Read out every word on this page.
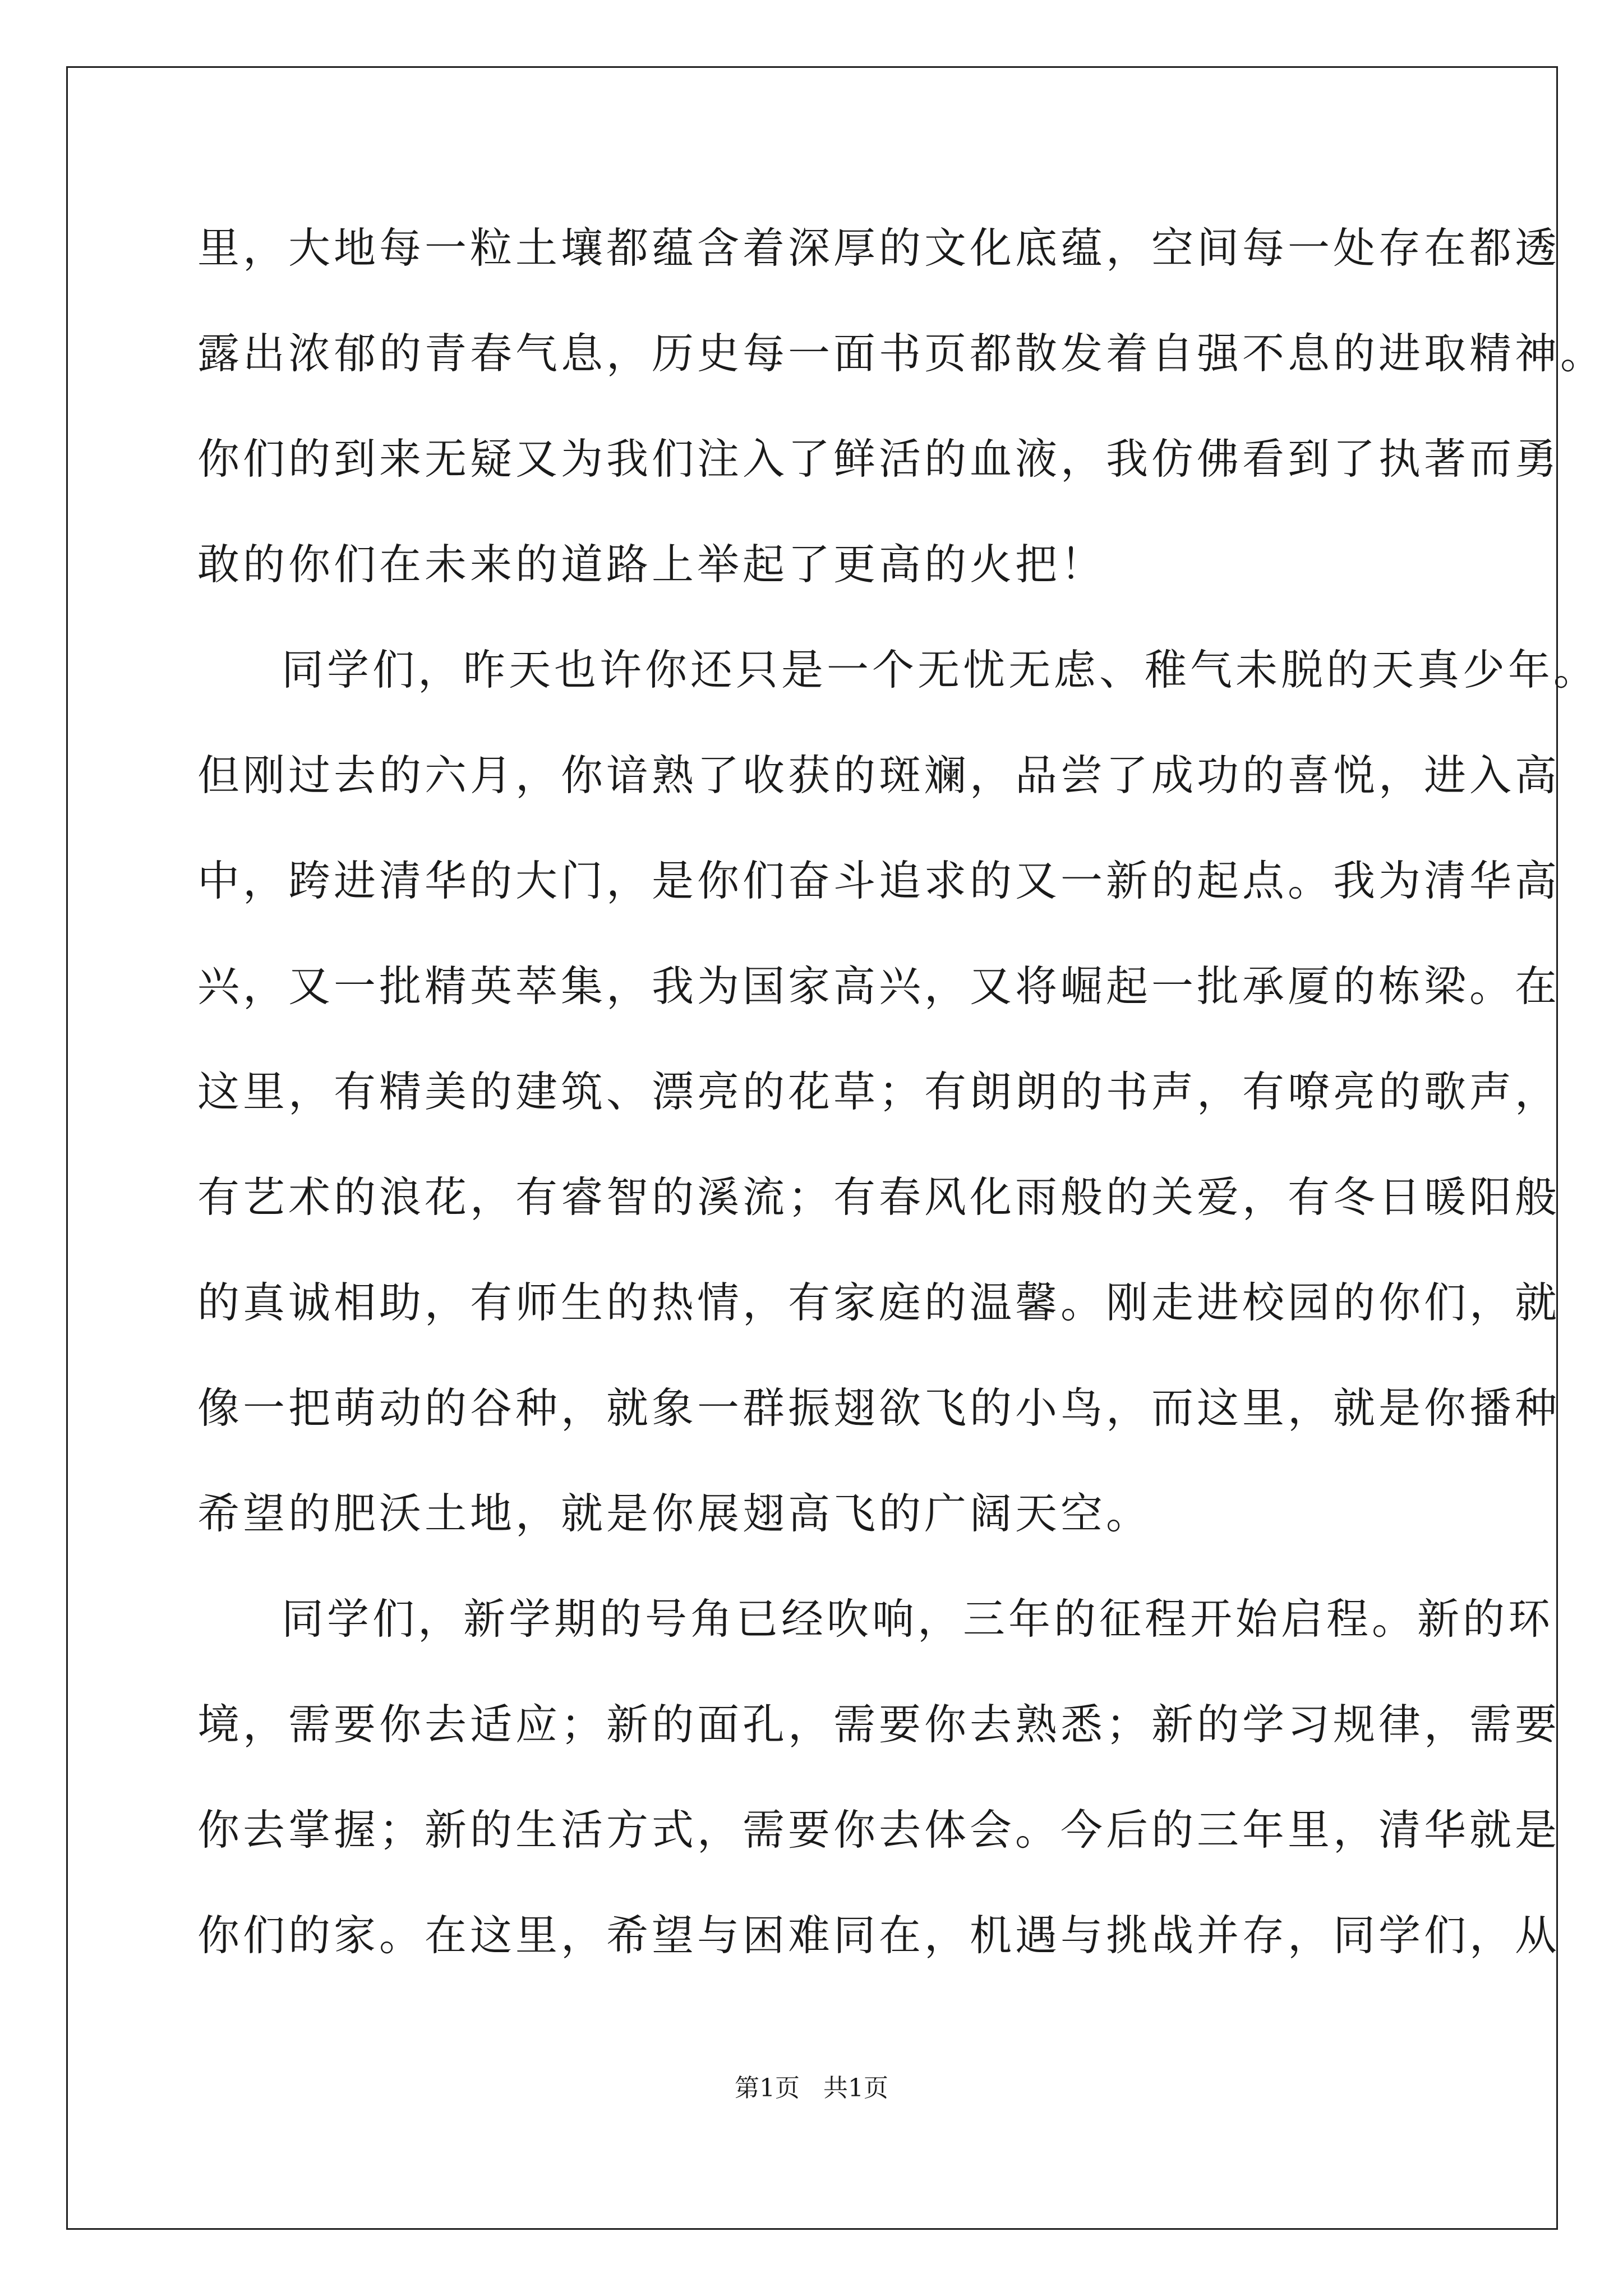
里，大地每一粒土壤都蕴含着深厚的文化底蕴，空间每一处存在都透
露出浓郁的青春气息，历史每一面书页都散发着自强不息的进取精神。
你们的到来无疑又为我们注入了鲜活的血液，我仿佛看到了执著而勇
敢的你们在未来的道路上举起了更高的火把！
同学们，昨天也许你还只是一个无忧无虑、稚气未脱的天真少年。
但刚过去的六月，你谙熟了收获的斑斓，品尝了成功的喜悦，进入高
中，跨进清华的大门，是你们奋斗追求的又一新的起点。我为清华高
兴，又一批精英萃集，我为国家高兴，又将崛起一批承厦的栋梁。在
这里，有精美的建筑、漂亮的花草；有朗朗的书声，有嘹亮的歌声，
有艺术的浪花，有睿智的溪流；有春风化雨般的关爱，有冬日暖阳般
的真诚相助，有师生的热情，有家庭的温馨。刚走进校园的你们，就
像一把萌动的谷种，就象一群振翅欲飞的小鸟，而这里，就是你播种
希望的肥沃土地，就是你展翅高飞的广阔天空。
同学们，新学期的号角已经吹响，三年的征程开始启程。新的环
境，需要你去适应；新的面孔，需要你去熟悉；新的学习规律，需要
你去掌握；新的生活方式，需要你去体会。今后的三年里，清华就是
你们的家。在这里，希望与困难同在，机遇与挑战并存，同学们，从
第1页   共1页
